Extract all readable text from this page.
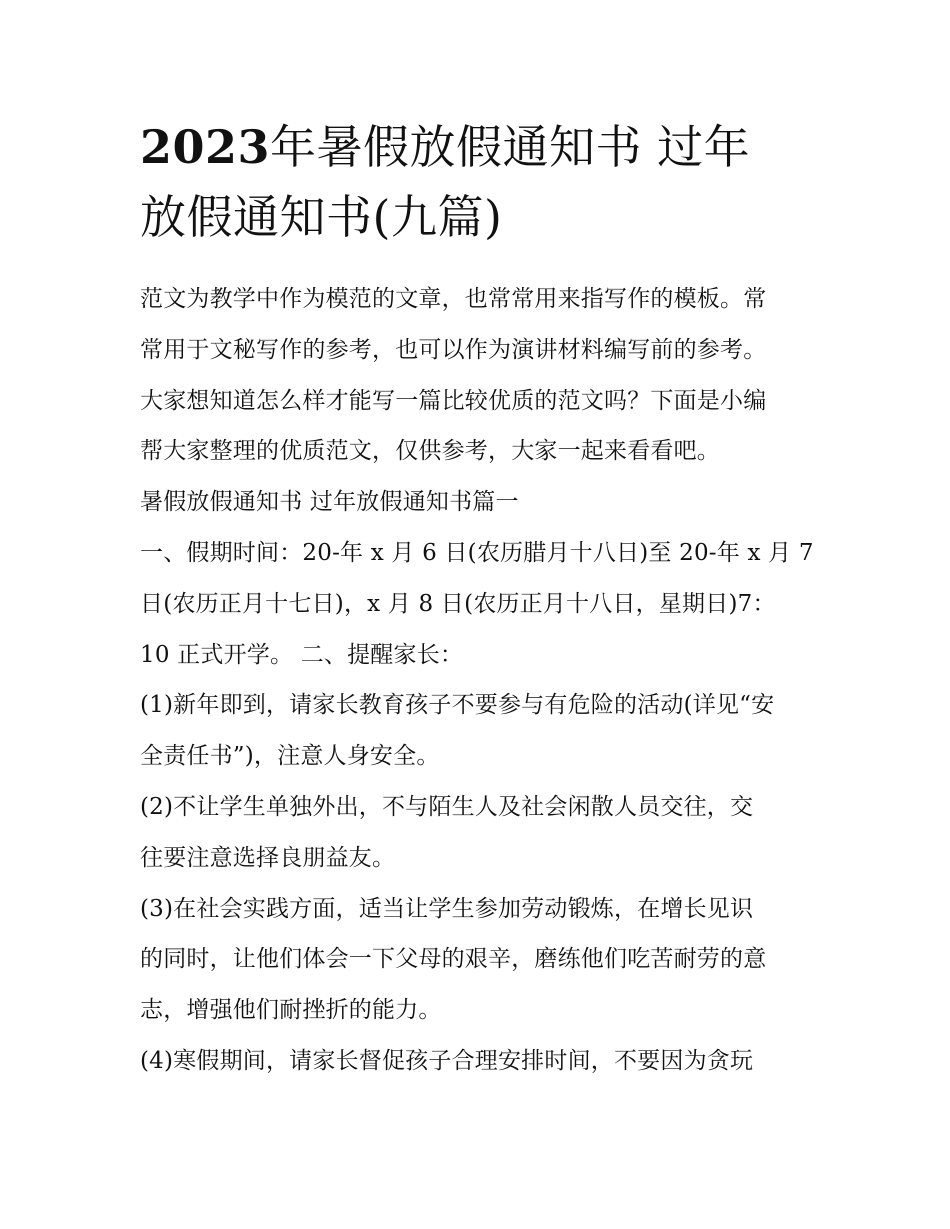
2023年暑假放假通知书 过年
放假通知书(九篇)
范文为教学中作为模范的文章，也常常用来指写作的模板。常
常用于文秘写作的参考，也可以作为演讲材料编写前的参考。
大家想知道怎么样才能写一篇比较优质的范文吗？下面是小编
帮大家整理的优质范文，仅供参考，大家一起来看看吧。
暑假放假通知书 过年放假通知书篇一
一、假期时间：20-年 x 月 6 日(农历腊月十八日)至 20-年 x 月 7
日(农历正月十七日)，x 月 8 日(农历正月十八日，星期日)7：
10 正式开学。 二、提醒家长：
(1)新年即到，请家长教育孩子不要参与有危险的活动(详见“安
全责任书”)，注意人身安全。
(2)不让学生单独外出，不与陌生人及社会闲散人员交往，交
往要注意选择良朋益友。
(3)在社会实践方面，适当让学生参加劳动锻炼，在增长见识
的同时，让他们体会一下父母的艰辛，磨练他们吃苦耐劳的意
志，增强他们耐挫折的能力。
(4)寒假期间，请家长督促孩子合理安排时间，不要因为贪玩
